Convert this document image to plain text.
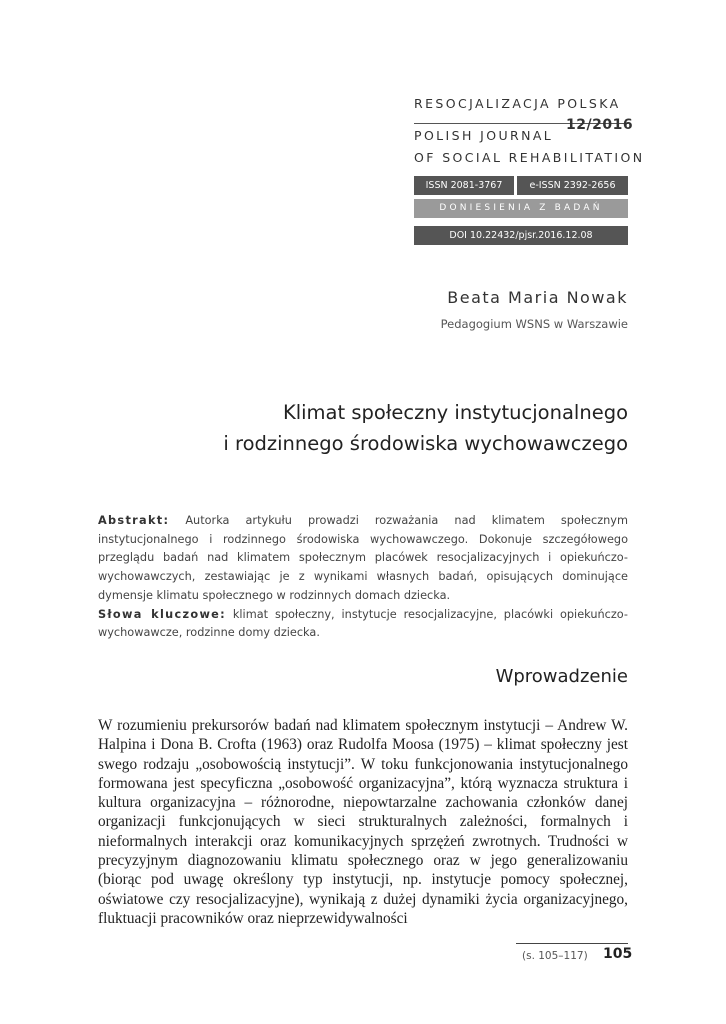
RESOCJALIZACJA POLSKA
12/2016
POLISH JOURNAL
OF SOCIAL REHABILITATION
ISSN 2081-3767	e-ISSN 2392-2656
DONIESIENIA Z BADAŃ
DOI 10.22432/pjsr.2016.12.08
Beata Maria Nowak
Pedagogium WSNS w Warszawie
Klimat społeczny instytucjonalnego
i rodzinnego środowiska wychowawczego
Abstrakt: Autorka artykułu prowadzi rozważania nad klimatem społecznym instytucjonalnego i rodzinnego środowiska wychowawczego. Dokonuje szczegółowego przeglądu badań nad klimatem społecznym placówek resocjalizacyjnych i opiekuńczo-wychowawczych, zestawiając je z wynikami własnych badań, opisujących dominujące dymensje klimatu społecznego w rodzinnych domach dziecka.
Słowa kluczowe: klimat społeczny, instytucje resocjalizacyjne, placówki opiekuńczo-wychowawcze, rodzinne domy dziecka.
Wprowadzenie
W rozumieniu prekursorów badań nad klimatem społecznym instytucji – Andrew W. Halpina i Dona B. Crofta (1963) oraz Rudolfa Moosa (1975) – klimat społeczny jest swego rodzaju „osobowością instytucji”. W toku funkcjonowania instytucjonalnego formowana jest specyficzna „osobowość organizacyjna”, którą wyznacza struktura i kultura organizacyjna – różnorodne, niepowtarzalne zachowania członków danej organizacji funkcjonujących w sieci strukturalnych zależności, formalnych i nieformalnych interakcji oraz komunikacyjnych sprzężeń zwrotnych. Trudności w precyzyjnym diagnozowaniu klimatu społecznego oraz w jego generalizowaniu (biorąc pod uwagę określony typ instytucji, np. instytucje pomocy społecznej, oświatowe czy resocjalizacyjne), wynikają z dużej dynamiki życia organizacyjnego, fluktuacji pracowników oraz nieprzewidywalności
(s. 105–117) 105
